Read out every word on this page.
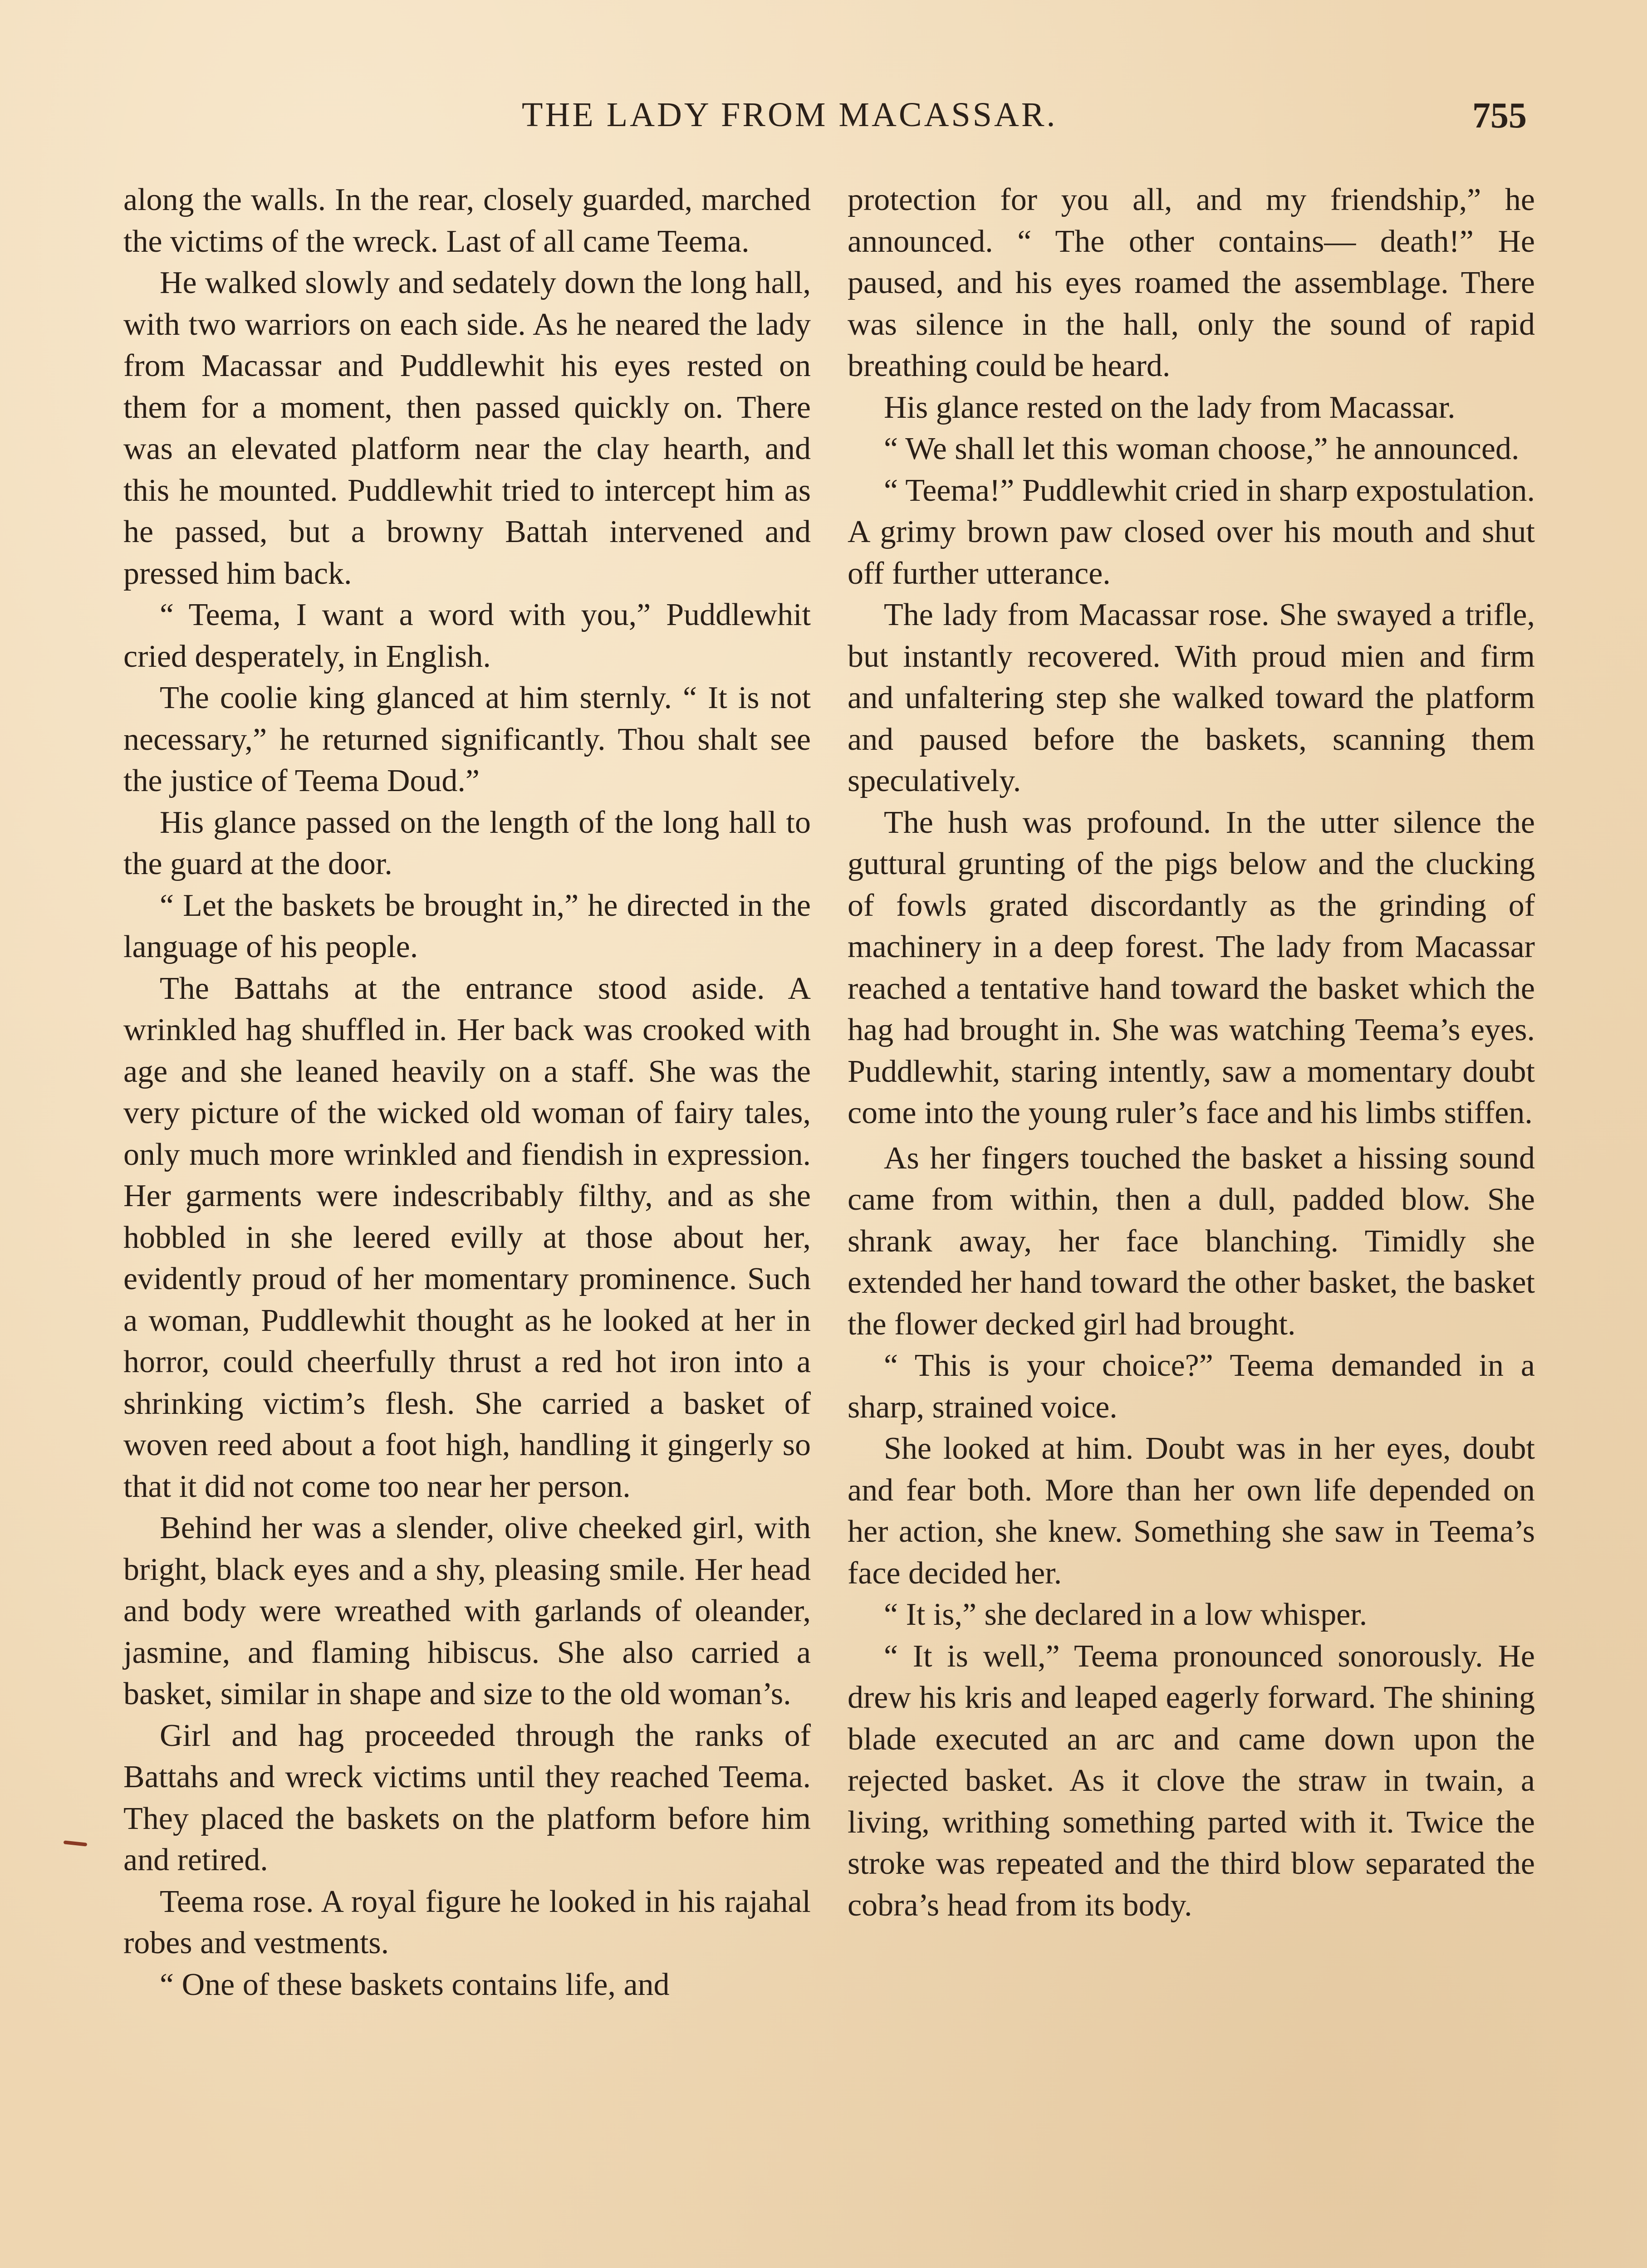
THE LADY FROM MACASSAR.	755

along the walls. In the rear, closely guarded, marched the victims of the wreck. Last of all came Teema.

He walked slowly and sedately down the long hall, with two warriors on each side. As he neared the lady from Macassar and Puddlewhit his eyes rested on them for a moment, then passed quickly on. There was an elevated platform near the clay hearth, and this he mounted. Puddlewhit tried to intercept him as he passed, but a browny Battah intervened and pressed him back.

“ Teema, I want a word with you,” Puddlewhit cried desperately, in English.

The coolie king glanced at him sternly. “ It is not necessary,” he returned significantly. Thou shalt see the justice of Teema Doud.”

His glance passed on the length of the long hall to the guard at the door.

“ Let the baskets be brought in,” he directed in the language of his people.

The Battahs at the entrance stood aside. A wrinkled hag shuffled in. Her back was crooked with age and she leaned heavily on a staff. She was the very picture of the wicked old woman of fairy tales, only much more wrinkled and fiendish in expression. Her garments were indescribably filthy, and as she hobbled in she leered evilly at those about her, evidently proud of her momentary prominence. Such a woman, Puddlewhit thought as he looked at her in horror, could cheerfully thrust a red hot iron into a shrinking victim’s flesh. She carried a basket of woven reed about a foot high, handling it gingerly so that it did not come too near her person.

Behind her was a slender, olive cheeked girl, with bright, black eyes and a shy, pleasing smile. Her head and body were wreathed with garlands of oleander, jasmine, and flaming hibiscus. She also carried a basket, similar in shape and size to the old woman’s.

Girl and hag proceeded through the ranks of Battahs and wreck victims until they reached Teema. They placed the baskets on the platform before him and retired.

Teema rose. A royal figure he looked in his rajahal robes and vestments.

“ One of these baskets contains life, and

protection for you all, and my friendship,” he announced. “ The other contains— death!” He paused, and his eyes roamed the assemblage. There was silence in the hall, only the sound of rapid breathing could be heard.

His glance rested on the lady from Macassar.

“ We shall let this woman choose,” he announced.

“ Teema!” Puddlewhit cried in sharp expostulation. A grimy brown paw closed over his mouth and shut off further utterance.

The lady from Macassar rose. She swayed a trifle, but instantly recovered. With proud mien and firm and unfaltering step she walked toward the platform and paused before the baskets, scanning them speculatively.

The hush was profound. In the utter silence the guttural grunting of the pigs below and the clucking of fowls grated discordantly as the grinding of machinery in a deep forest. The lady from Macassar reached a tentative hand toward the basket which the hag had brought in. She was watching Teema’s eyes. Puddlewhit, staring intently, saw a momentary doubt come into the young ruler’s face and his limbs stiffen.

As her fingers touched the basket a hissing sound came from within, then a dull, padded blow. She shrank away, her face blanching. Timidly she extended her hand toward the other basket, the basket the flower decked girl had brought.

“ This is your choice?” Teema demanded in a sharp, strained voice.

She looked at him. Doubt was in her eyes, doubt and fear both. More than her own life depended on her action, she knew. Something she saw in Teema’s face decided her.

“ It is,” she declared in a low whisper.

“ It is well,” Teema pronounced sonorously. He drew his kris and leaped eagerly forward. The shining blade executed an arc and came down upon the rejected basket. As it clove the straw in twain, a living, writhing something parted with it. Twice the stroke was repeated and the third blow separated the cobra’s head from its body.
